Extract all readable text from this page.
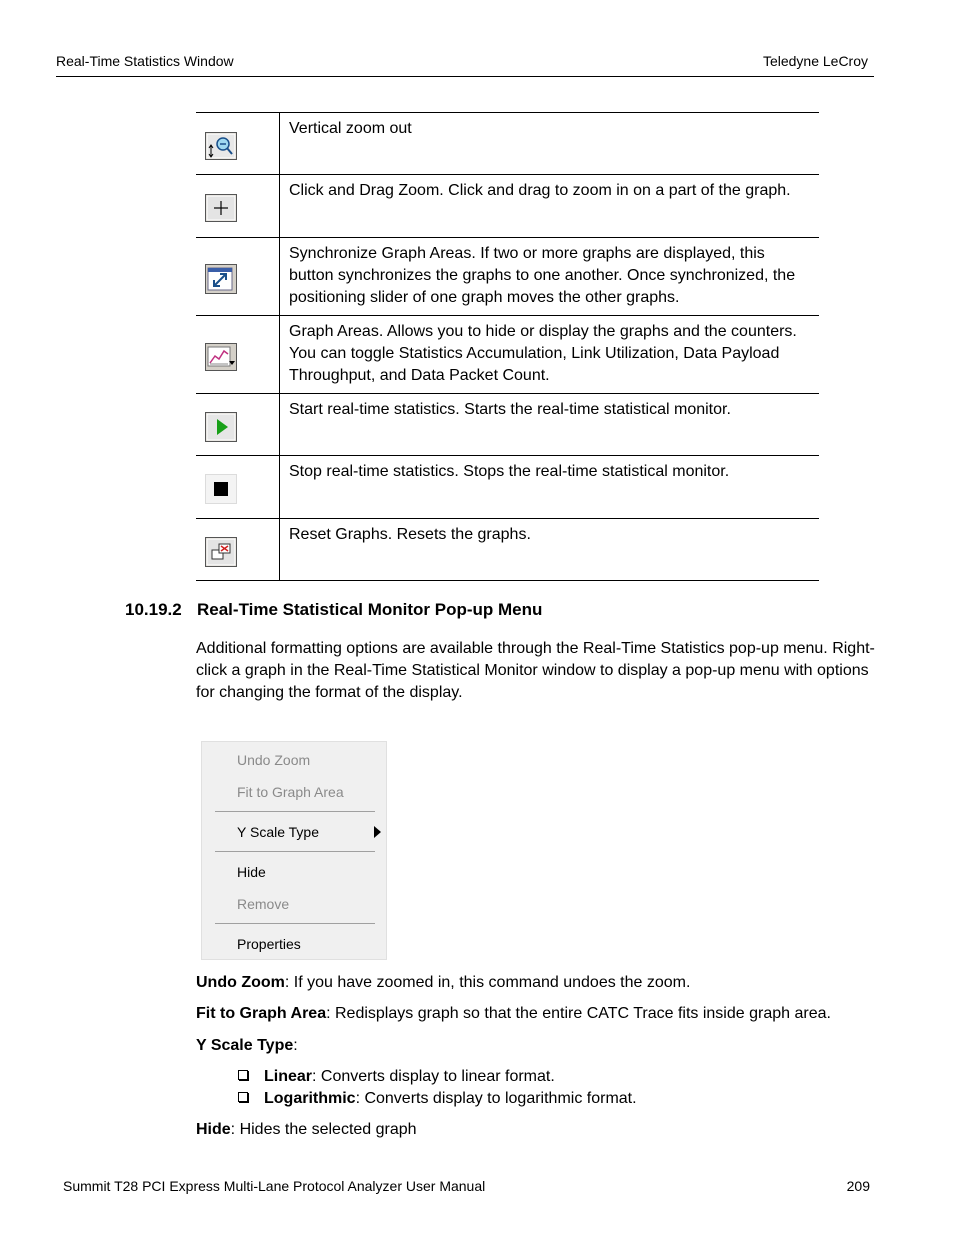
Real-Time Statistics Window	Teledyne LeCroy
	Vertical zoom out

	Click and Drag Zoom. Click and drag to zoom in on a part of the graph.

	Synchronize Graph Areas. If two or more graphs are displayed, this button synchronizes the graphs to one another. Once synchronized, the positioning slider of one graph moves the other graphs.

	Graph Areas. Allows you to hide or display the graphs and the counters. You can toggle Statistics Accumulation, Link Utilization, Data Payload Throughput, and Data Packet Count.

	Start real-time statistics. Starts the real-time statistical monitor.

	Stop real-time statistics. Stops the real-time statistical monitor.

	Reset Graphs. Resets the graphs.
10.19.2 Real-Time Statistical Monitor Pop-up Menu
Additional formatting options are available through the Real-Time Statistics pop-up menu. Right-click a graph in the Real-Time Statistical Monitor window to display a pop-up menu with options for changing the format of the display.
Undo Zoom
Fit to Graph Area
Y Scale Type
Hide
Remove
Properties
Undo Zoom: If you have zoomed in, this command undoes the zoom.
Fit to Graph Area: Redisplays graph so that the entire CATC Trace fits inside graph area.
Y Scale Type:
Linear: Converts display to linear format.
Logarithmic: Converts display to logarithmic format.
Hide: Hides the selected graph
Summit T28 PCI Express Multi-Lane Protocol Analyzer User Manual	209
